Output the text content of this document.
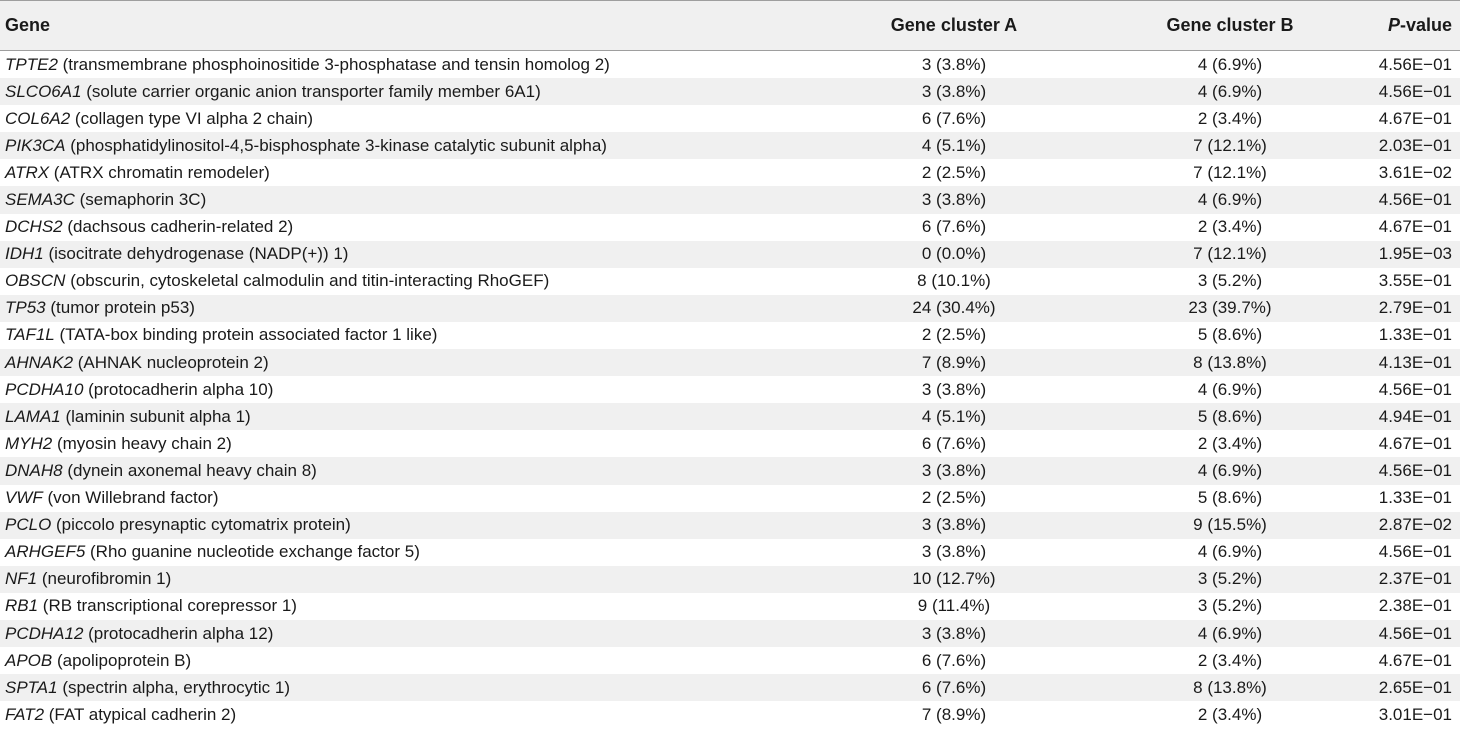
Gene	Gene cluster A	Gene cluster B	P-value
TPTE2 (transmembrane phosphoinositide 3-phosphatase and tensin homolog 2)	3 (3.8%)	4 (6.9%)	4.56E−01
SLCO6A1 (solute carrier organic anion transporter family member 6A1)	3 (3.8%)	4 (6.9%)	4.56E−01
COL6A2 (collagen type VI alpha 2 chain)	6 (7.6%)	2 (3.4%)	4.67E−01
PIK3CA (phosphatidylinositol-4,5-bisphosphate 3-kinase catalytic subunit alpha)	4 (5.1%)	7 (12.1%)	2.03E−01
ATRX (ATRX chromatin remodeler)	2 (2.5%)	7 (12.1%)	3.61E−02
SEMA3C (semaphorin 3C)	3 (3.8%)	4 (6.9%)	4.56E−01
DCHS2 (dachsous cadherin-related 2)	6 (7.6%)	2 (3.4%)	4.67E−01
IDH1 (isocitrate dehydrogenase (NADP(+)) 1)	0 (0.0%)	7 (12.1%)	1.95E−03
OBSCN (obscurin, cytoskeletal calmodulin and titin-interacting RhoGEF)	8 (10.1%)	3 (5.2%)	3.55E−01
TP53 (tumor protein p53)	24 (30.4%)	23 (39.7%)	2.79E−01
TAF1L (TATA-box binding protein associated factor 1 like)	2 (2.5%)	5 (8.6%)	1.33E−01
AHNAK2 (AHNAK nucleoprotein 2)	7 (8.9%)	8 (13.8%)	4.13E−01
PCDHA10 (protocadherin alpha 10)	3 (3.8%)	4 (6.9%)	4.56E−01
LAMA1 (laminin subunit alpha 1)	4 (5.1%)	5 (8.6%)	4.94E−01
MYH2 (myosin heavy chain 2)	6 (7.6%)	2 (3.4%)	4.67E−01
DNAH8 (dynein axonemal heavy chain 8)	3 (3.8%)	4 (6.9%)	4.56E−01
VWF (von Willebrand factor)	2 (2.5%)	5 (8.6%)	1.33E−01
PCLO (piccolo presynaptic cytomatrix protein)	3 (3.8%)	9 (15.5%)	2.87E−02
ARHGEF5 (Rho guanine nucleotide exchange factor 5)	3 (3.8%)	4 (6.9%)	4.56E−01
NF1 (neurofibromin 1)	10 (12.7%)	3 (5.2%)	2.37E−01
RB1 (RB transcriptional corepressor 1)	9 (11.4%)	3 (5.2%)	2.38E−01
PCDHA12 (protocadherin alpha 12)	3 (3.8%)	4 (6.9%)	4.56E−01
APOB (apolipoprotein B)	6 (7.6%)	2 (3.4%)	4.67E−01
SPTA1 (spectrin alpha, erythrocytic 1)	6 (7.6%)	8 (13.8%)	2.65E−01
FAT2 (FAT atypical cadherin 2)	7 (8.9%)	2 (3.4%)	3.01E−01
